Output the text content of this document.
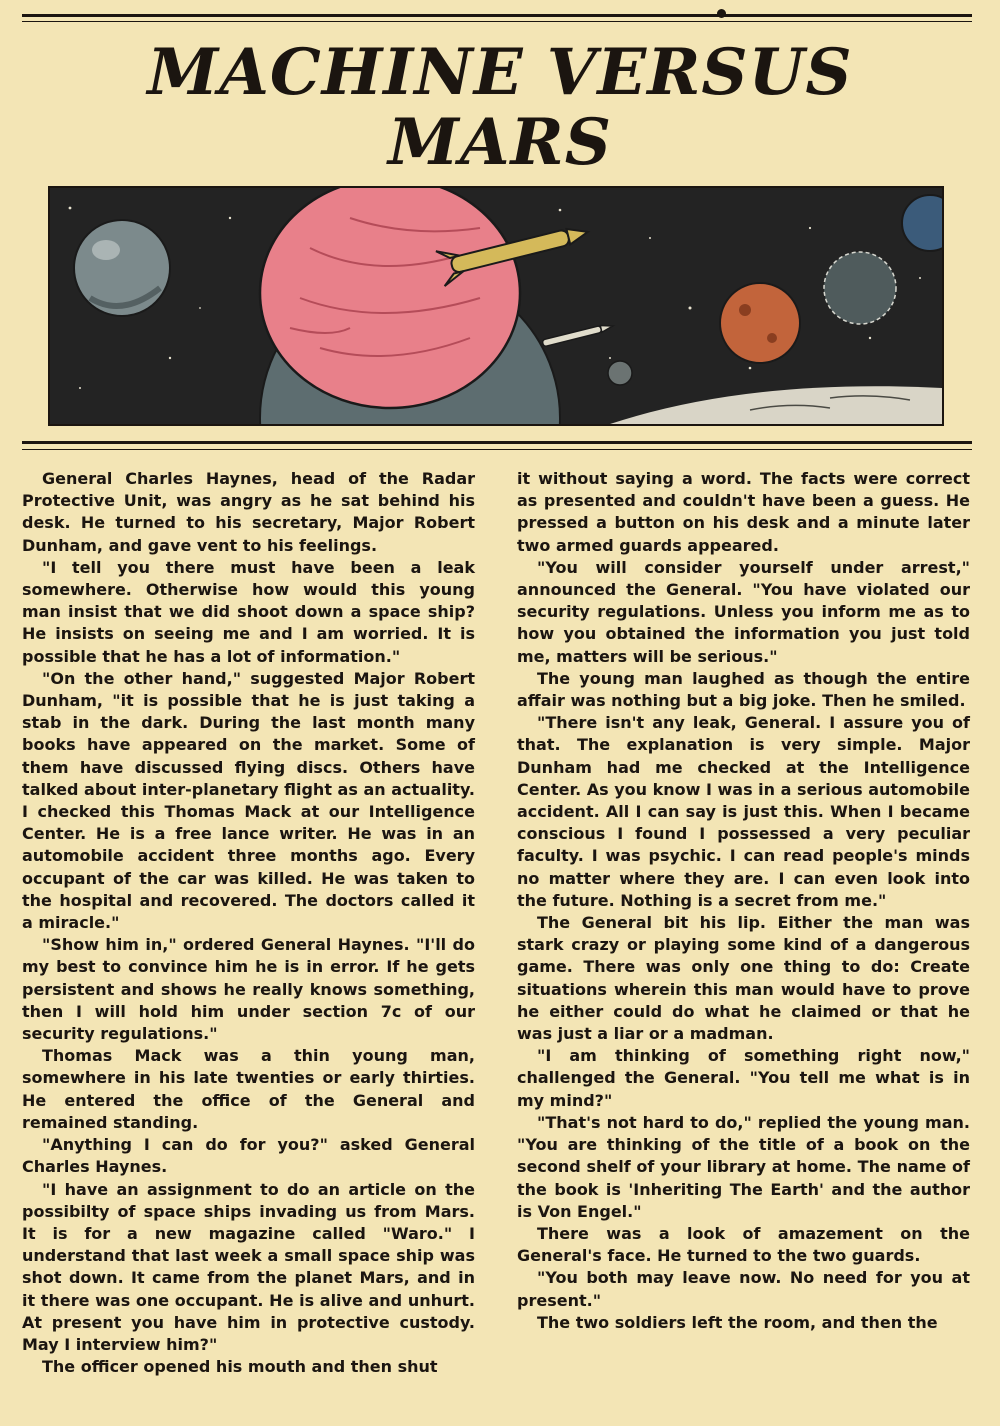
MACHINE VERSUS
MARS

General Charles Haynes, head of the Radar Protective Unit, was angry as he sat behind his desk. He turned to his secretary, Major Robert Dunham, and gave vent to his feelings.

"I tell you there must have been a leak somewhere. Otherwise how would this young man insist that we did shoot down a space ship? He insists on seeing me and I am worried. It is possible that he has a lot of information."

"On the other hand," suggested Major Robert Dunham, "it is possible that he is just taking a stab in the dark. During the last month many books have appeared on the market. Some of them have discussed flying discs. Others have talked about inter-planetary flight as an actuality. I checked this Thomas Mack at our Intelligence Center. He is a free lance writer. He was in an automobile accident three months ago. Every occupant of the car was killed. He was taken to the hospital and recovered. The doctors called it a miracle."

"Show him in," ordered General Haynes. "I'll do my best to convince him he is in error. If he gets persistent and shows he really knows something, then I will hold him under section 7c of our security regulations."

Thomas Mack was a thin young man, somewhere in his late twenties or early thirties. He entered the office of the General and remained standing.

"Anything I can do for you?" asked General Charles Haynes.

"I have an assignment to do an article on the possibilty of space ships invading us from Mars. It is for a new magazine called "Waro." I understand that last week a small space ship was shot down. It came from the planet Mars, and in it there was one occupant. He is alive and unhurt. At present you have him in protective custody. May I interview him?"

The officer opened his mouth and then shut

it without saying a word. The facts were correct as presented and couldn't have been a guess. He pressed a button on his desk and a minute later two armed guards appeared.

"You will consider yourself under arrest," announced the General. "You have violated our security regulations. Unless you inform me as to how you obtained the information you just told me, matters will be serious."

The young man laughed as though the entire affair was nothing but a big joke. Then he smiled.

"There isn't any leak, General. I assure you of that. The explanation is very simple. Major Dunham had me checked at the Intelligence Center. As you know I was in a serious automobile accident. All I can say is just this. When I became conscious I found I possessed a very peculiar faculty. I was psychic. I can read people's minds no matter where they are. I can even look into the future. Nothing is a secret from me."

The General bit his lip. Either the man was stark crazy or playing some kind of a dangerous game. There was only one thing to do: Create situations wherein this man would have to prove he either could do what he claimed or that he was just a liar or a madman.

"I am thinking of something right now," challenged the General. "You tell me what is in my mind?"

"That's not hard to do," replied the young man. "You are thinking of the title of a book on the second shelf of your library at home. The name of the book is 'Inheriting The Earth' and the author is Von Engel."

There was a look of amazement on the General's face. He turned to the two guards.

"You both may leave now. No need for you at present."

The two soldiers left the room, and then the
